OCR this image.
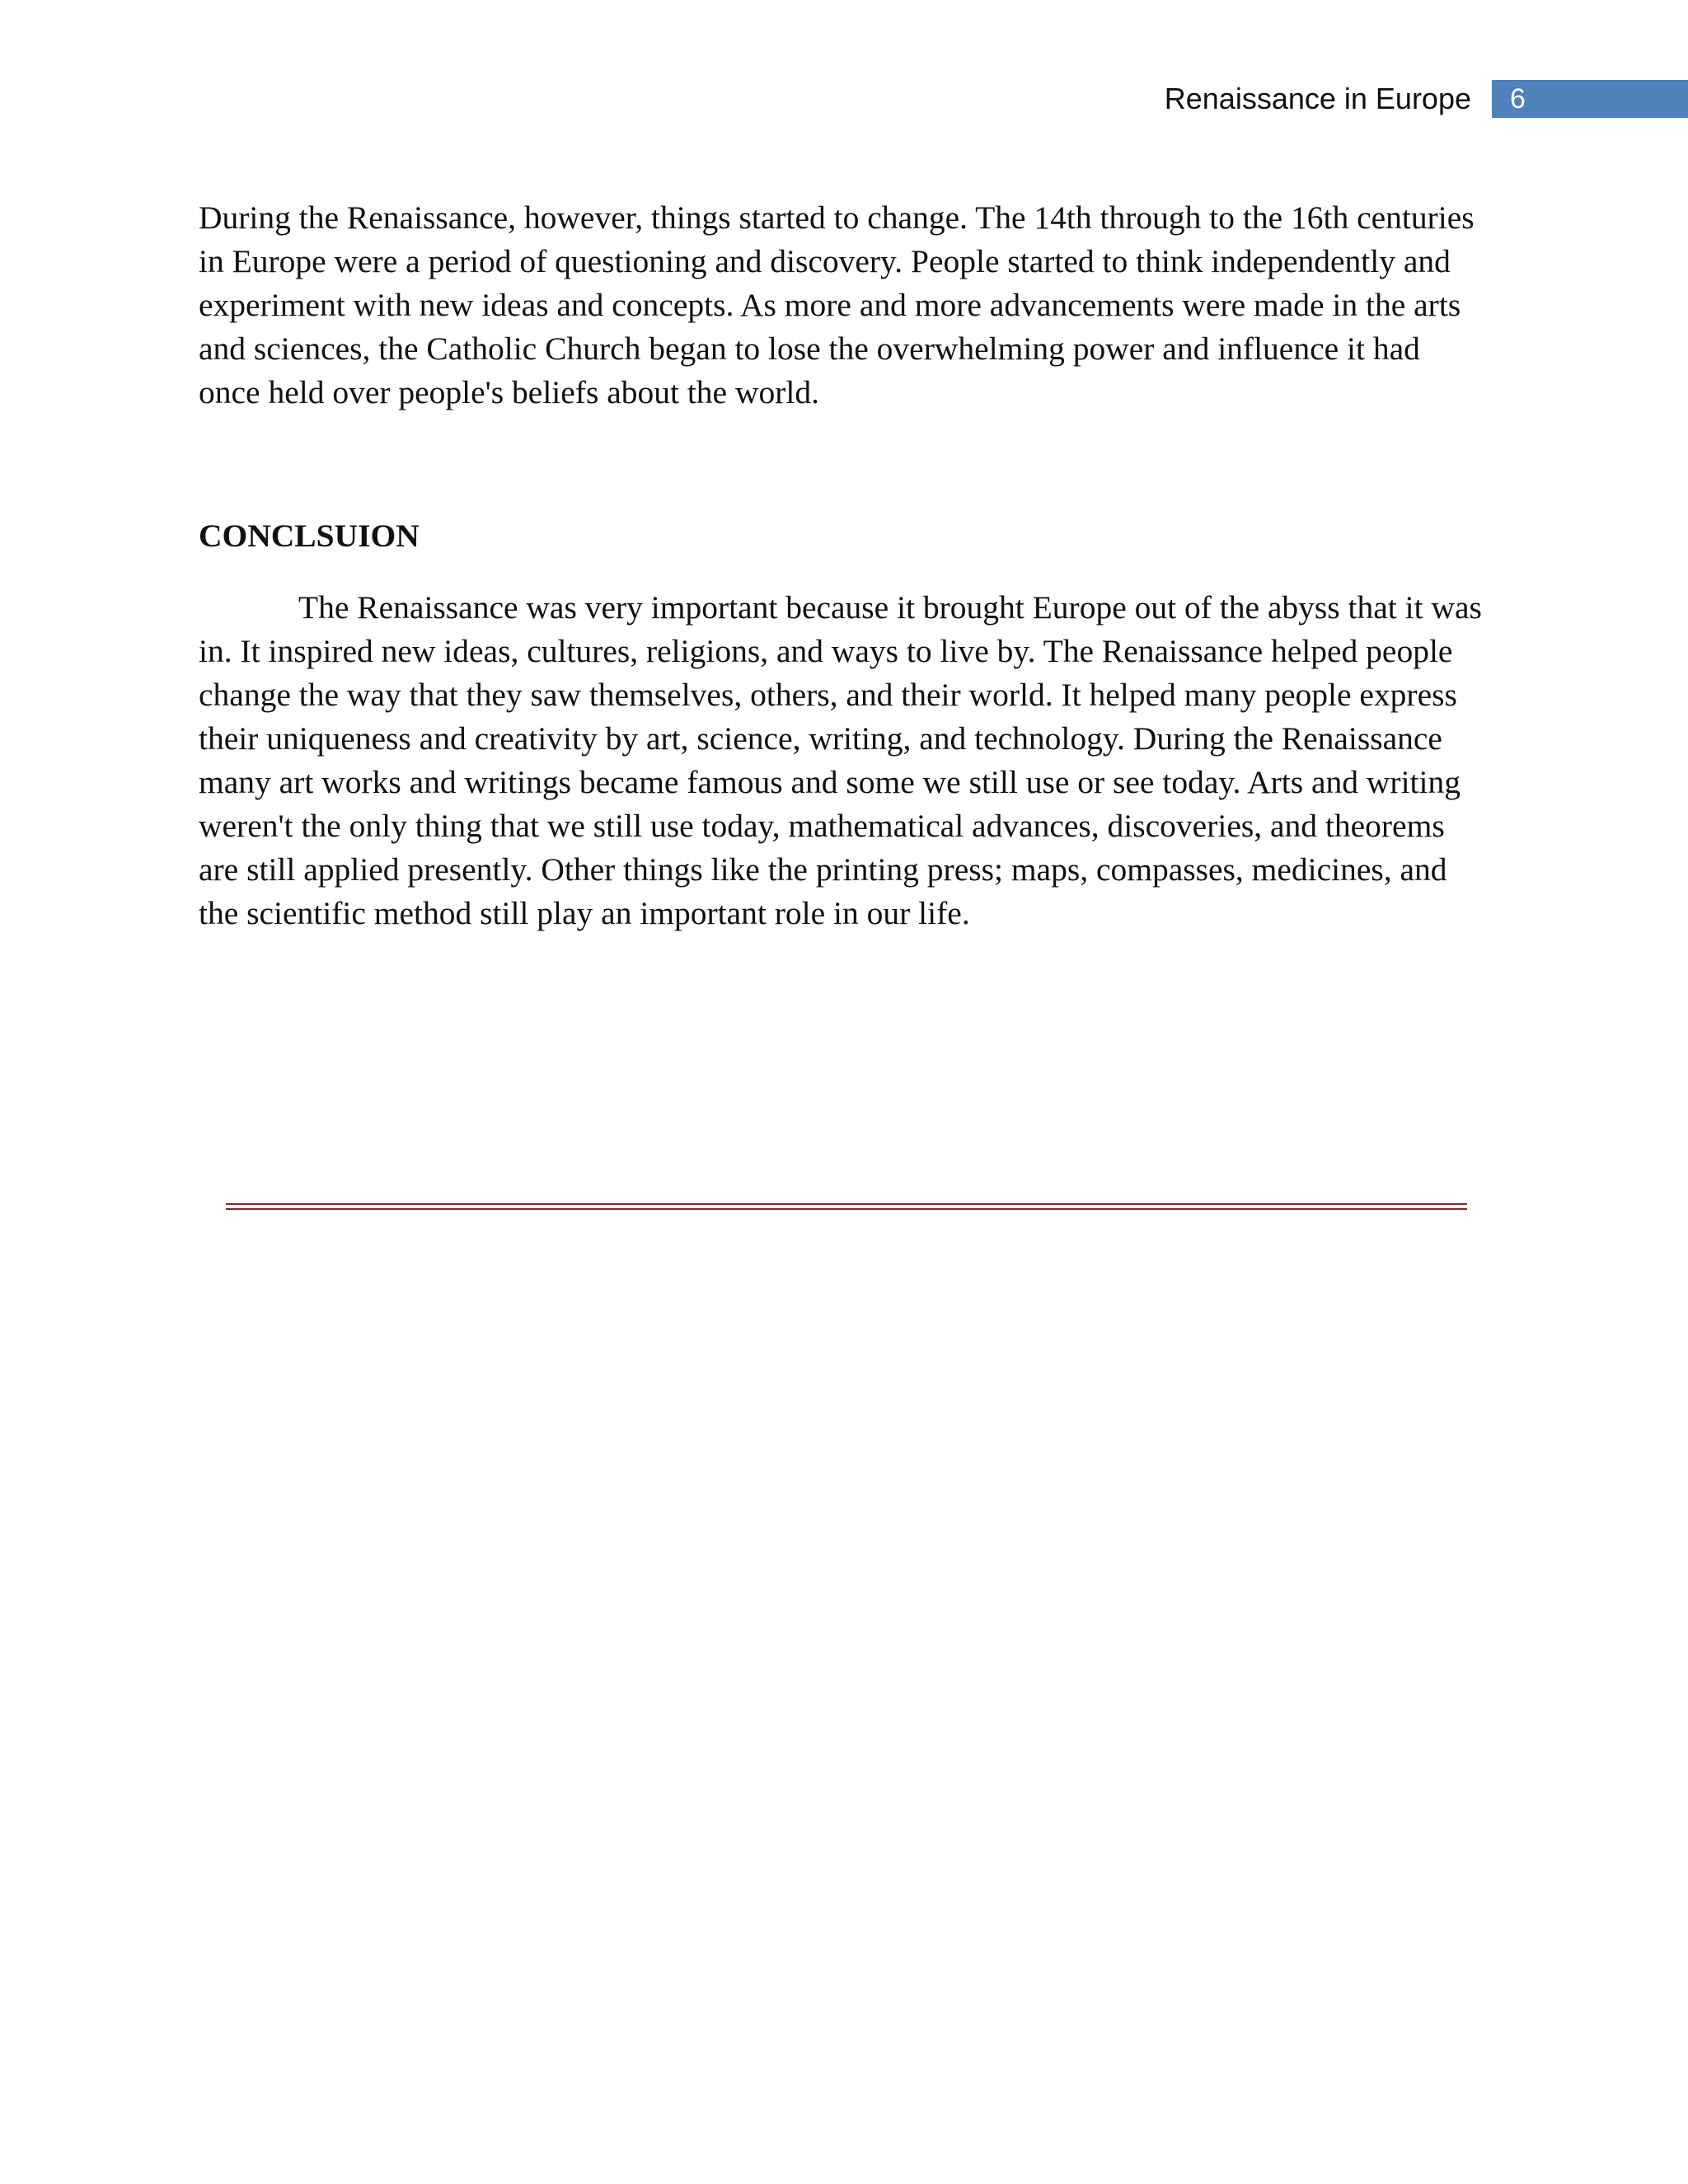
Renaissance in Europe 6

During the Renaissance, however, things started to change. The 14th through to the 16th centuries in Europe were a period of questioning and discovery. People started to think independently and experiment with new ideas and concepts. As more and more advancements were made in the arts and sciences, the Catholic Church began to lose the overwhelming power and influence it had once held over people's beliefs about the world.

CONCLSUION

The Renaissance was very important because it brought Europe out of the abyss that it was in. It inspired new ideas, cultures, religions, and ways to live by. The Renaissance helped people change the way that they saw themselves, others, and their world. It helped many people express their uniqueness and creativity by art, science, writing, and technology. During the Renaissance many art works and writings became famous and some we still use or see today. Arts and writing weren't the only thing that we still use today, mathematical advances, discoveries, and theorems are still applied presently. Other things like the printing press; maps, compasses, medicines, and the scientific method still play an important role in our life.
